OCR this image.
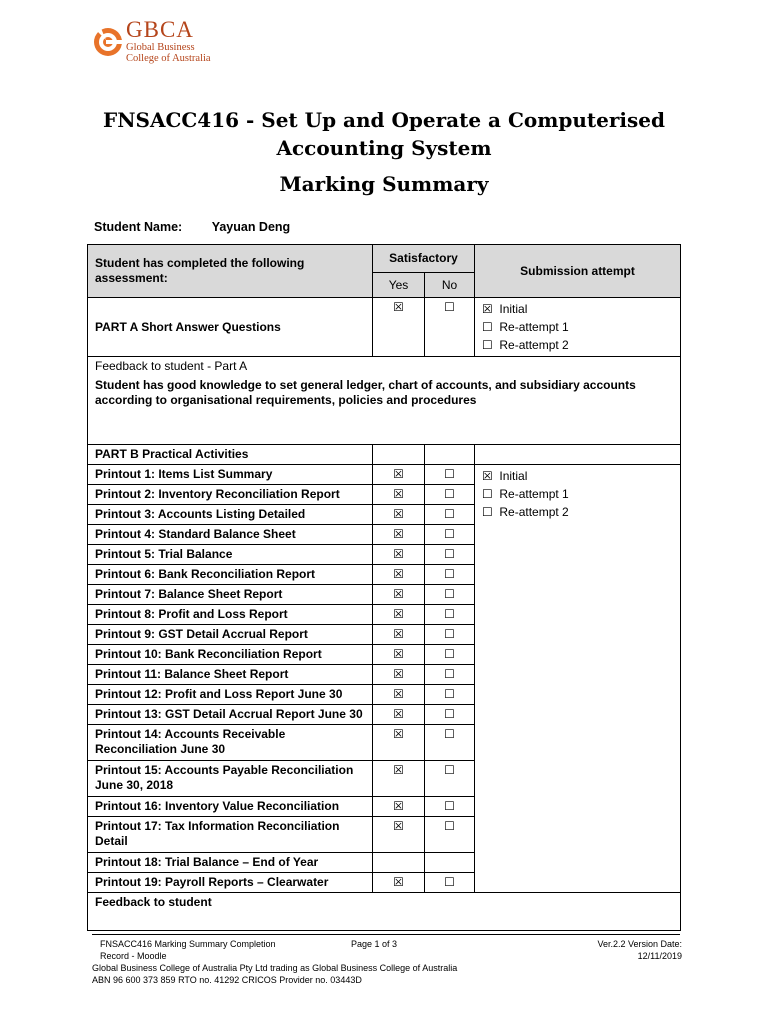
GBCA
Global Business
College of Australia
FNSACC416 - Set Up and Operate a Computerised
Accounting System
Marking Summary
Student Name: Yayuan Deng
Student has completed the following assessment:	Satisfactory		Submission attempt
	Yes	No	
PART A Short Answer Questions	☒	☐	☒ Initial
☐ Re-attempt 1
☐ Re-attempt 2

Feedback to student - Part A
Student has good knowledge to set general ledger, chart of accounts, and subsidiary accounts according to organisational requirements, policies and procedures			

PART B Practical Activities			
Printout 1: Items List Summary	☒	☐	☒ Initial
☐ Re-attempt 1
☐ Re-attempt 2

Printout 2: Inventory Reconciliation Report	☒	☐	
Printout 3: Accounts Listing Detailed	☒	☐	
Printout 4: Standard Balance Sheet	☒	☐	
Printout 5: Trial Balance	☒	☐	
Printout 6: Bank Reconciliation Report	☒	☐	
Printout 7: Balance Sheet Report	☒	☐	
Printout 8: Profit and Loss Report	☒	☐	
Printout 9: GST Detail Accrual Report	☒	☐	
Printout 10: Bank Reconciliation Report	☒	☐	
Printout 11: Balance Sheet Report	☒	☐	
Printout 12: Profit and Loss Report June 30	☒	☐	
Printout 13: GST Detail Accrual Report June 30	☒	☐	
Printout 14: Accounts Receivable Reconciliation June 30	☒	☐	
Printout 15: Accounts Payable Reconciliation June 30, 2018	☒	☐	
Printout 16: Inventory Value Reconciliation	☒	☐	
Printout 17: Tax Information Reconciliation Detail	☒	☐	
Printout 18: Trial Balance – End of Year			
Printout 19: Payroll Reports – Clearwater	☒	☐	
Feedback to student			
FNSACC416 Marking Summary Completion Record - Moodle
Page 1 of 3	Ver.2.2 Version Date:
12/11/2019
Global Business College of Australia Pty Ltd trading as Global Business College of Australia
ABN 96 600 373 859 RTO no. 41292 CRICOS Provider no. 03443D
